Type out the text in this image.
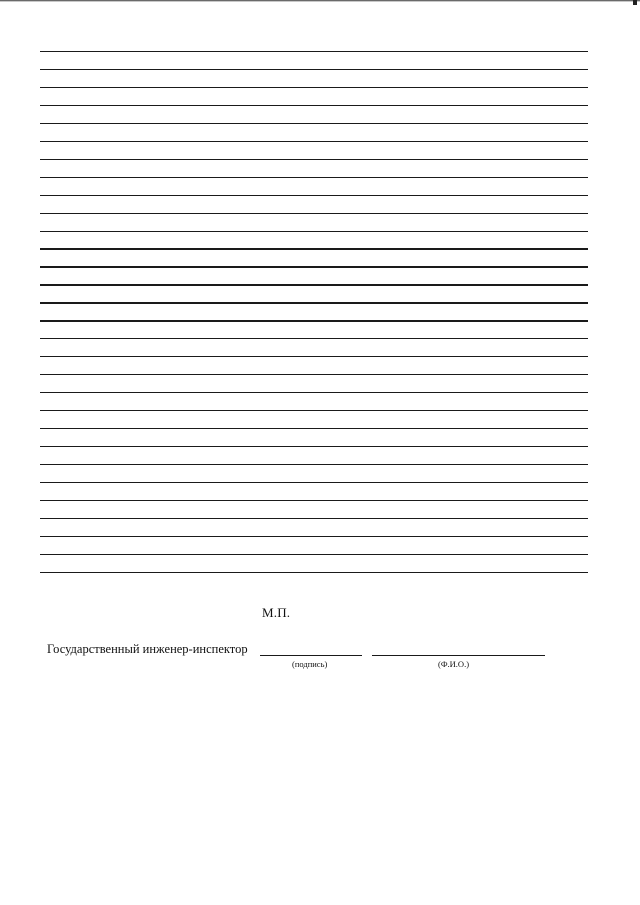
М.П.
Государственный инженер-инспектор
(подпись)	(Ф.И.О.)
